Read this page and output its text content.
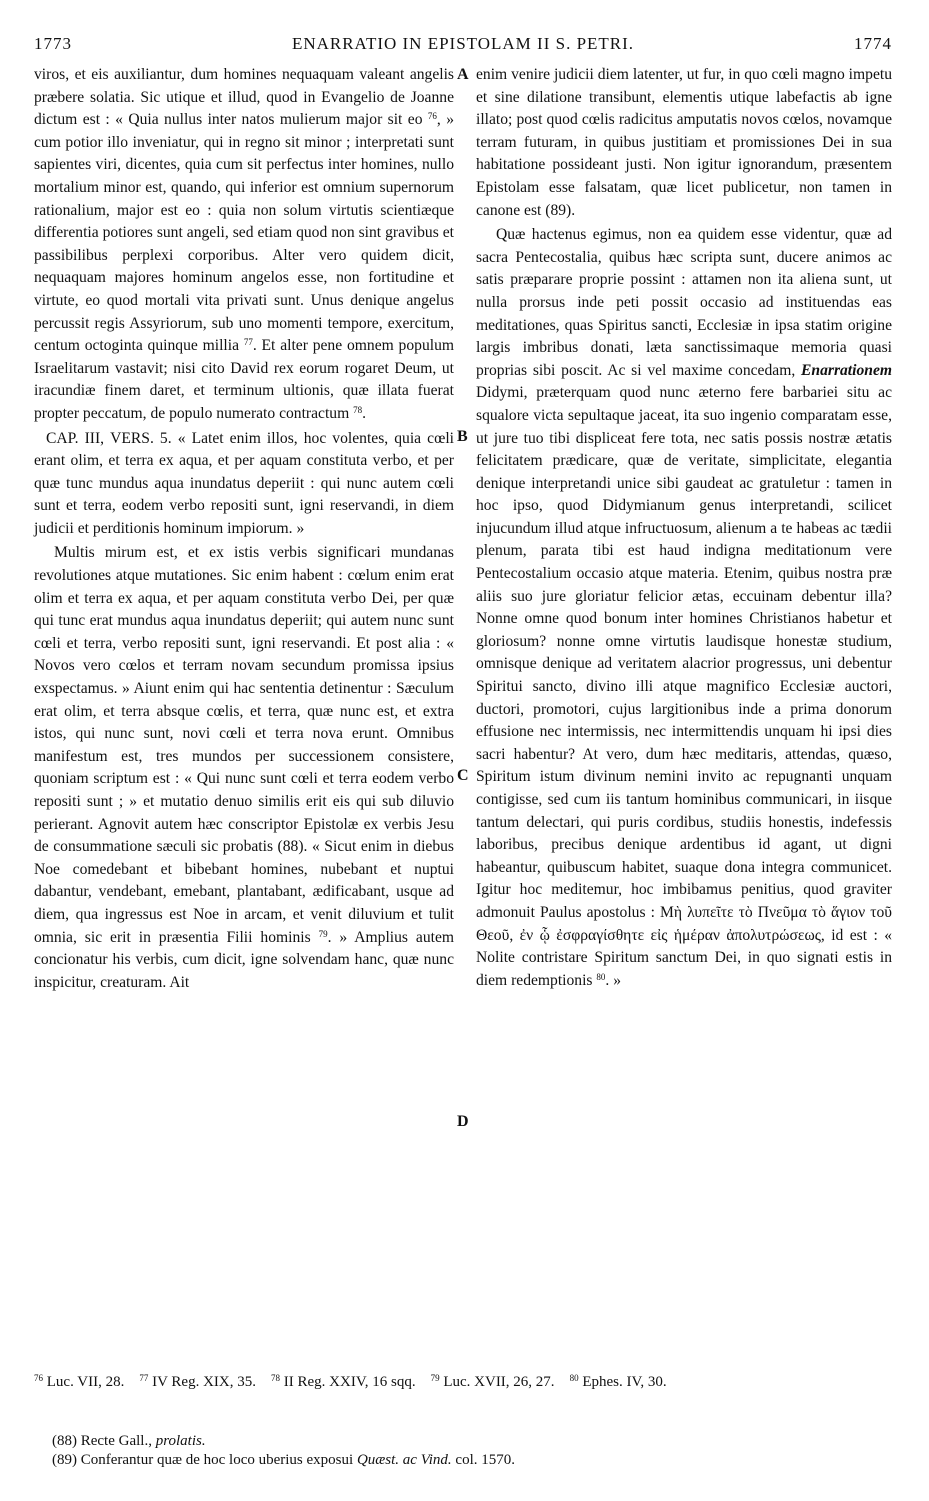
1773	ENARRATIO IN EPISTOLAM II S. PETRI.	1774
A
B
C
D

viros, et eis auxiliantur, dum homines nequaquam valeant angelis præbere solatia. Sic utique et illud, quod in Evangelio de Joanne dictum est : « Quia nullus inter natos mulierum major sit eo $^{76}$, » cum potior illo inveniatur, qui in regno sit minor ; interpretati sunt sapientes viri, dicentes, quia cum sit perfectus inter homines, nullo mortalium minor est, quando, qui inferior est omnium supernorum rationalium, major est eo : quia non solum virtutis scientiæque differentia potiores sunt angeli, sed etiam quod non sint gravibus et passibilibus perplexi corporibus. Alter vero quidem dicit, nequaquam majores hominum angelos esse, non fortitudine et virtute, eo quod mortali vita privati sunt. Unus denique angelus percussit regis Assyriorum, sub uno momenti tempore, exercitum, centum octoginta quinque millia $^{77}$. Et alter pene omnem populum Israelitarum vastavit; nisi cito David rex eorum rogaret Deum, ut iracundiæ finem daret, et terminum ultionis, quæ illata fuerat propter peccatum, de populo numerato contractum $^{78}$.

CAP. III, VERS. 5. « Latet enim illos, hoc volentes, quia cœli erant olim, et terra ex aqua, et per aquam constituta verbo, et per quæ tunc mundus aqua inundatus deperiit : qui nunc autem cœli sunt et terra, eodem verbo repositi sunt, igni reservandi, in diem judicii et perditionis hominum impiorum. »

Multis mirum est, et ex istis verbis significari mundanas revolutiones atque mutationes. Sic enim habent : cœlum enim erat olim et terra ex aqua, et per aquam constituta verbo Dei, per quæ qui tunc erat mundus aqua inundatus deperiit; qui autem nunc sunt cœli et terra, verbo repositi sunt, igni reservandi. Et post alia : « Novos vero cœlos et terram novam secundum promissa ipsius exspectamus. » Aiunt enim qui hac sententia detinentur : Sæculum erat olim, et terra absque cœlis, et terra, quæ nunc est, et extra istos, qui nunc sunt, novi cœli et terra nova erunt. Omnibus manifestum est, tres mundos per successionem consistere, quoniam scriptum est : « Qui nunc sunt cœli et terra eodem verbo repositi sunt ; » et mutatio denuo similis erit eis qui sub diluvio perierant. Agnovit autem hæc conscriptor Epistolæ ex verbis Jesu de consummatione sæculi sic probatis (88). « Sicut enim in diebus Noe comedebant et bibebant homines, nubebant et nuptui dabantur, vendebant, emebant, plantabant, ædificabant, usque ad diem, qua ingressus est Noe in arcam, et venit diluvium et tulit omnia, sic erit in præsentia Filii hominis $^{79}$. » Amplius autem concionatur his verbis, cum dicit, igne solvendam hanc, quæ nunc inspicitur, creaturam. Ait

enim venire judicii diem latenter, ut fur, in quo cœli magno impetu et sine dilatione transibunt, elementis utique labefactis ab igne illato; post quod cœlis radicitus amputatis novos cœlos, novamque terram futuram, in quibus justitiam et promissiones Dei in sua habitatione possideant justi. Non igitur ignorandum, præsentem Epistolam esse falsatam, quæ licet publicetur, non tamen in canone est (89).

Quæ hactenus egimus, non ea quidem esse videntur, quæ ad sacra Pentecostalia, quibus hæc scripta sunt, ducere animos ac satis præparare proprie possint : attamen non ita aliena sunt, ut nulla prorsus inde peti possit occasio ad instituendas eas meditationes, quas Spiritus sancti, Ecclesiæ in ipsa statim origine largis imbribus donati, læta sanctissimaque memoria quasi proprias sibi poscit. Ac si vel maxime concedam, Enarrationem Didymi, præterquam quod nunc æterno fere barbariei situ ac squalore victa sepultaque jaceat, ita suo ingenio comparatam esse, ut jure tuo tibi displiceat fere tota, nec satis possis nostræ ætatis felicitatem prædicare, quæ de veritate, simplicitate, elegantia denique interpretandi unice sibi gaudeat ac gratuletur : tamen in hoc ipso, quod Didymianum genus interpretandi, scilicet injucundum illud atque infructuosum, alienum a te habeas ac tædii plenum, parata tibi est haud indigna meditationum vere Pentecostalium occasio atque materia. Etenim, quibus nostra præ aliis suo jure gloriatur felicior ætas, eccuinam debentur illa? Nonne omne quod bonum inter homines Christianos habetur et gloriosum? nonne omne virtutis laudisque honestæ studium, omnisque denique ad veritatem alacrior progressus, uni debentur Spiritui sancto, divino illi atque magnifico Ecclesiæ auctori, ductori, promotori, cujus largitionibus inde a prima donorum effusione nec intermissis, nec intermittendis unquam hi ipsi dies sacri habentur? At vero, dum hæc meditaris, attendas, quæso, Spiritum istum divinum nemini invito ac repugnanti unquam contigisse, sed cum iis tantum hominibus communicari, in iisque tantum delectari, qui puris cordibus, studiis honestis, indefessis laboribus, precibus denique ardentibus id agant, ut digni habeantur, quibuscum habitet, suaque dona integra communicet. Igitur hoc meditemur, hoc imbibamus penitius, quod graviter admonuit Paulus apostolus : Μὴ λυπεῖτε τὸ Πνεῦμα τὸ ἅγιον τοῦ Θεοῦ, ἐν ᾧ ἐσφραγίσθητε εἰς ἡμέραν ἀπολυτρώσεως, id est : « Nolite contristare Spiritum sanctum Dei, in quo signati estis in diem redemptionis $^{80}$. »

$^{76}$ Luc. VII, 28. $^{77}$ IV Reg. XIX, 35. $^{78}$ II Reg. XXIV, 16 sqq. $^{79}$ Luc. XVII, 26, 27. $^{80}$ Ephes. IV, 30.
(88) Recte Gall., prolatis.
(89) Conferantur quæ de hoc loco uberius exposui Quæst. ac Vind. col. 1570.
